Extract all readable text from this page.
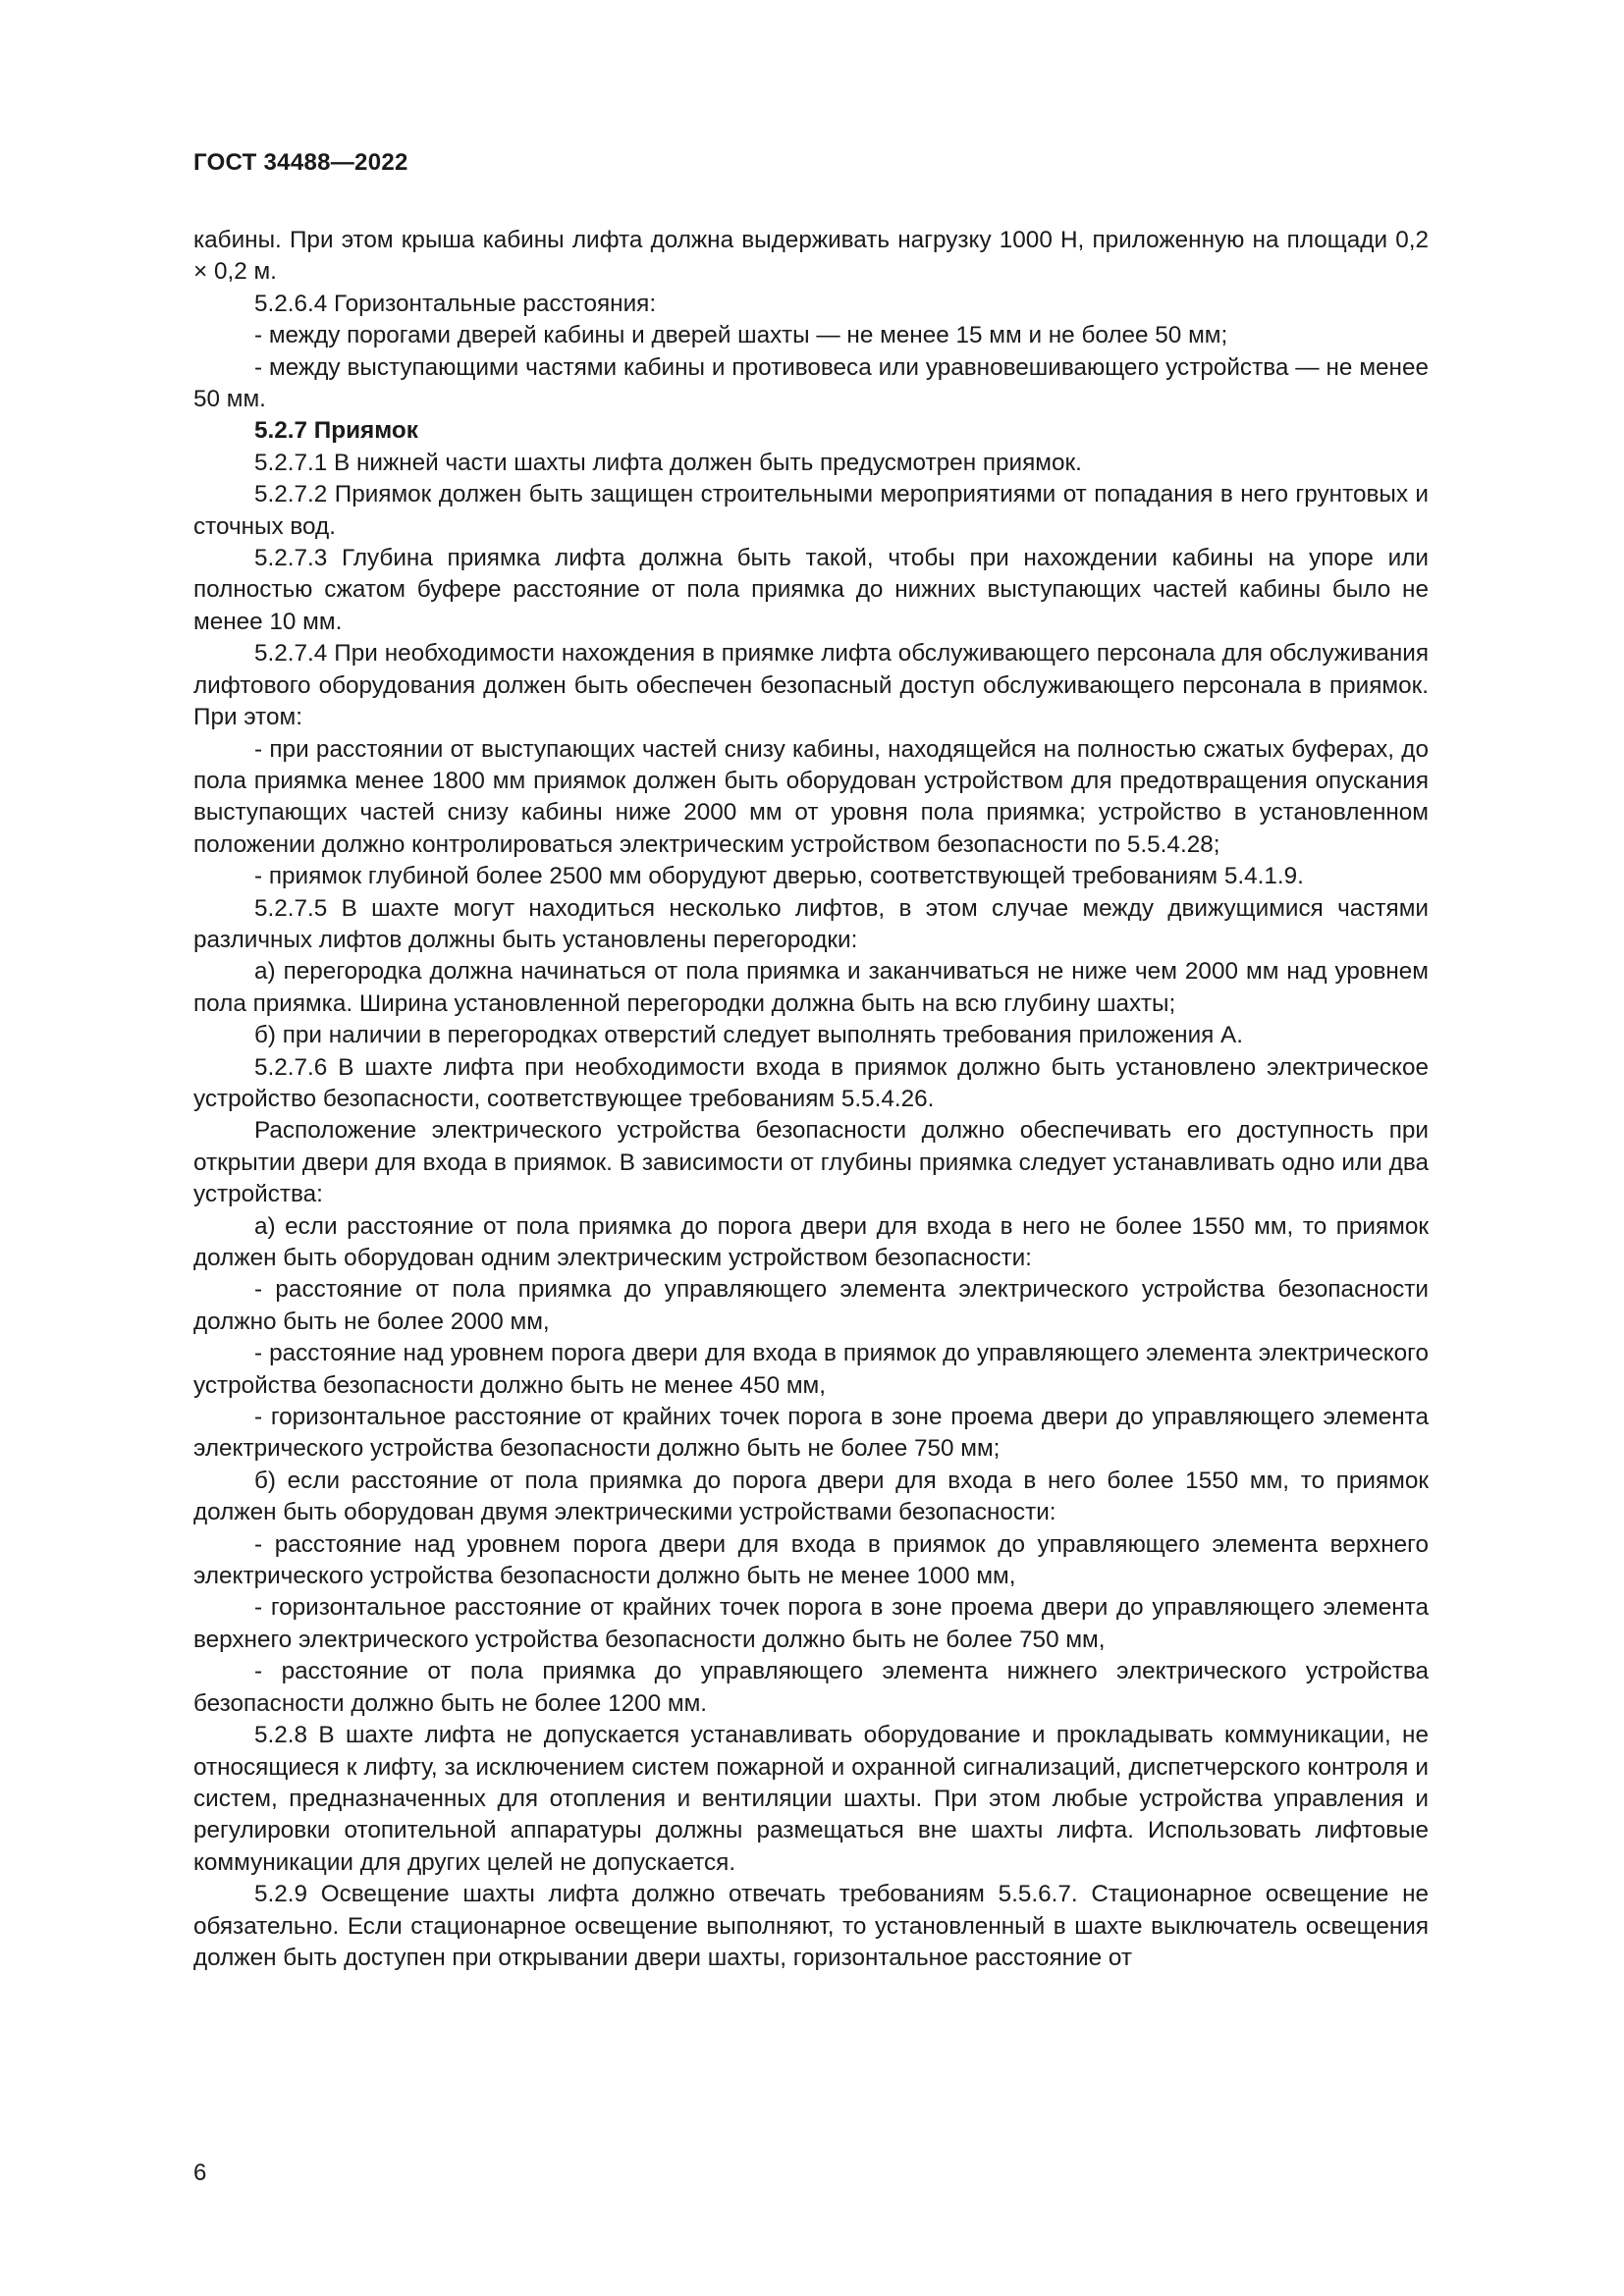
ГОСТ 34488—2022

кабины. При этом крыша кабины лифта должна выдерживать нагрузку 1000 Н, приложенную на площади 0,2 × 0,2 м.

5.2.6.4 Горизонтальные расстояния:

- между порогами дверей кабины и дверей шахты — не менее 15 мм и не более 50 мм;

- между выступающими частями кабины и противовеса или уравновешивающего устройства — не менее 50 мм.

5.2.7 Приямок

5.2.7.1 В нижней части шахты лифта должен быть предусмотрен приямок.

5.2.7.2 Приямок должен быть защищен строительными мероприятиями от попадания в него грунтовых и сточных вод.

5.2.7.3 Глубина приямка лифта должна быть такой, чтобы при нахождении кабины на упоре или полностью сжатом буфере расстояние от пола приямка до нижних выступающих частей кабины было не менее 10 мм.

5.2.7.4 При необходимости нахождения в приямке лифта обслуживающего персонала для обслуживания лифтового оборудования должен быть обеспечен безопасный доступ обслуживающего персонала в приямок. При этом:

- при расстоянии от выступающих частей снизу кабины, находящейся на полностью сжатых буферах, до пола приямка менее 1800 мм приямок должен быть оборудован устройством для предотвращения опускания выступающих частей снизу кабины ниже 2000 мм от уровня пола приямка; устройство в установленном положении должно контролироваться электрическим устройством безопасности по 5.5.4.28;

- приямок глубиной более 2500 мм оборудуют дверью, соответствующей требованиям 5.4.1.9.

5.2.7.5 В шахте могут находиться несколько лифтов, в этом случае между движущимися частями различных лифтов должны быть установлены перегородки:

а) перегородка должна начинаться от пола приямка и заканчиваться не ниже чем 2000 мм над уровнем пола приямка. Ширина установленной перегородки должна быть на всю глубину шахты;

б) при наличии в перегородках отверстий следует выполнять требования приложения А.

5.2.7.6 В шахте лифта при необходимости входа в приямок должно быть установлено электрическое устройство безопасности, соответствующее требованиям 5.5.4.26.

Расположение электрического устройства безопасности должно обеспечивать его доступность при открытии двери для входа в приямок. В зависимости от глубины приямка следует устанавливать одно или два устройства:

а) если расстояние от пола приямка до порога двери для входа в него не более 1550 мм, то приямок должен быть оборудован одним электрическим устройством безопасности:

- расстояние от пола приямка до управляющего элемента электрического устройства безопасности должно быть не более 2000 мм,

- расстояние над уровнем порога двери для входа в приямок до управляющего элемента электрического устройства безопасности должно быть не менее 450 мм,

- горизонтальное расстояние от крайних точек порога в зоне проема двери до управляющего элемента электрического устройства безопасности должно быть не более 750 мм;

б) если расстояние от пола приямка до порога двери для входа в него более 1550 мм, то приямок должен быть оборудован двумя электрическими устройствами безопасности:

- расстояние над уровнем порога двери для входа в приямок до управляющего элемента верхнего электрического устройства безопасности должно быть не менее 1000 мм,

- горизонтальное расстояние от крайних точек порога в зоне проема двери до управляющего элемента верхнего электрического устройства безопасности должно быть не более 750 мм,

- расстояние от пола приямка до управляющего элемента нижнего электрического устройства безопасности должно быть не более 1200 мм.

5.2.8 В шахте лифта не допускается устанавливать оборудование и прокладывать коммуникации, не относящиеся к лифту, за исключением систем пожарной и охранной сигнализаций, диспетчерского контроля и систем, предназначенных для отопления и вентиляции шахты. При этом любые устройства управления и регулировки отопительной аппаратуры должны размещаться вне шахты лифта. Использовать лифтовые коммуникации для других целей не допускается.

5.2.9 Освещение шахты лифта должно отвечать требованиям 5.5.6.7. Стационарное освещение не обязательно. Если стационарное освещение выполняют, то установленный в шахте выключатель освещения должен быть доступен при открывании двери шахты, горизонтальное расстояние от

6
